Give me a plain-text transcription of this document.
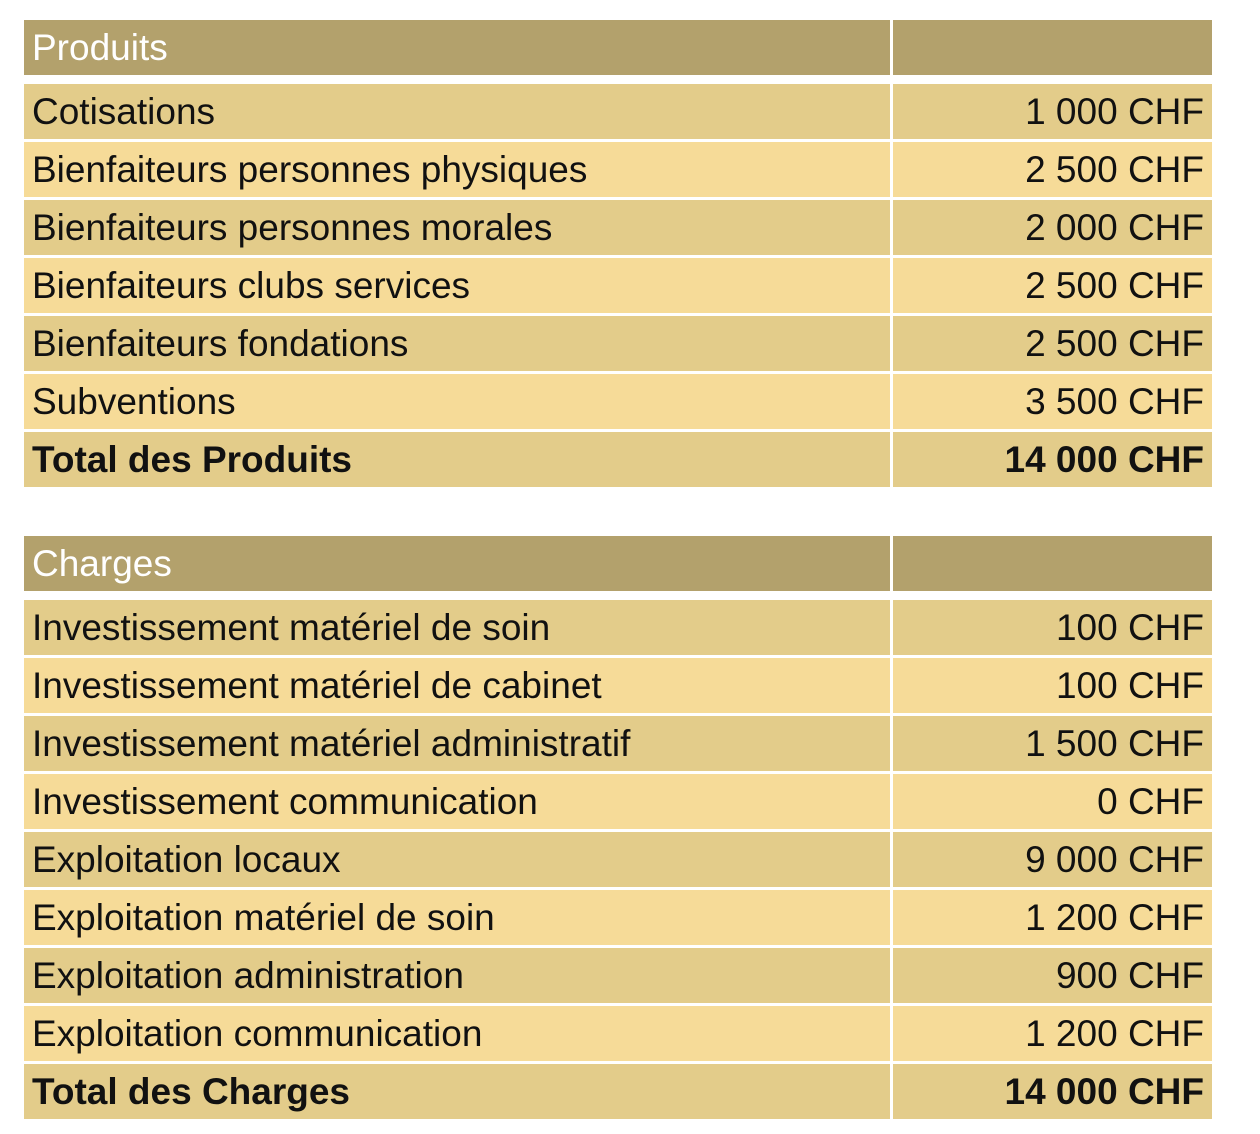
Produits
Cotisations	1 000 CHF
Bienfaiteurs personnes physiques	2 500 CHF
Bienfaiteurs personnes morales	2 000 CHF
Bienfaiteurs clubs services	2 500 CHF
Bienfaiteurs fondations	2 500 CHF
Subventions	3 500 CHF
Total des Produits	14 000 CHF
Charges
Investissement matériel de soin	100 CHF
Investissement matériel de cabinet	100 CHF
Investissement matériel administratif	1 500 CHF
Investissement communication	0 CHF
Exploitation locaux	9 000 CHF
Exploitation matériel de soin	1 200 CHF
Exploitation administration	900 CHF
Exploitation communication	1 200 CHF
Total des Charges	14 000 CHF
